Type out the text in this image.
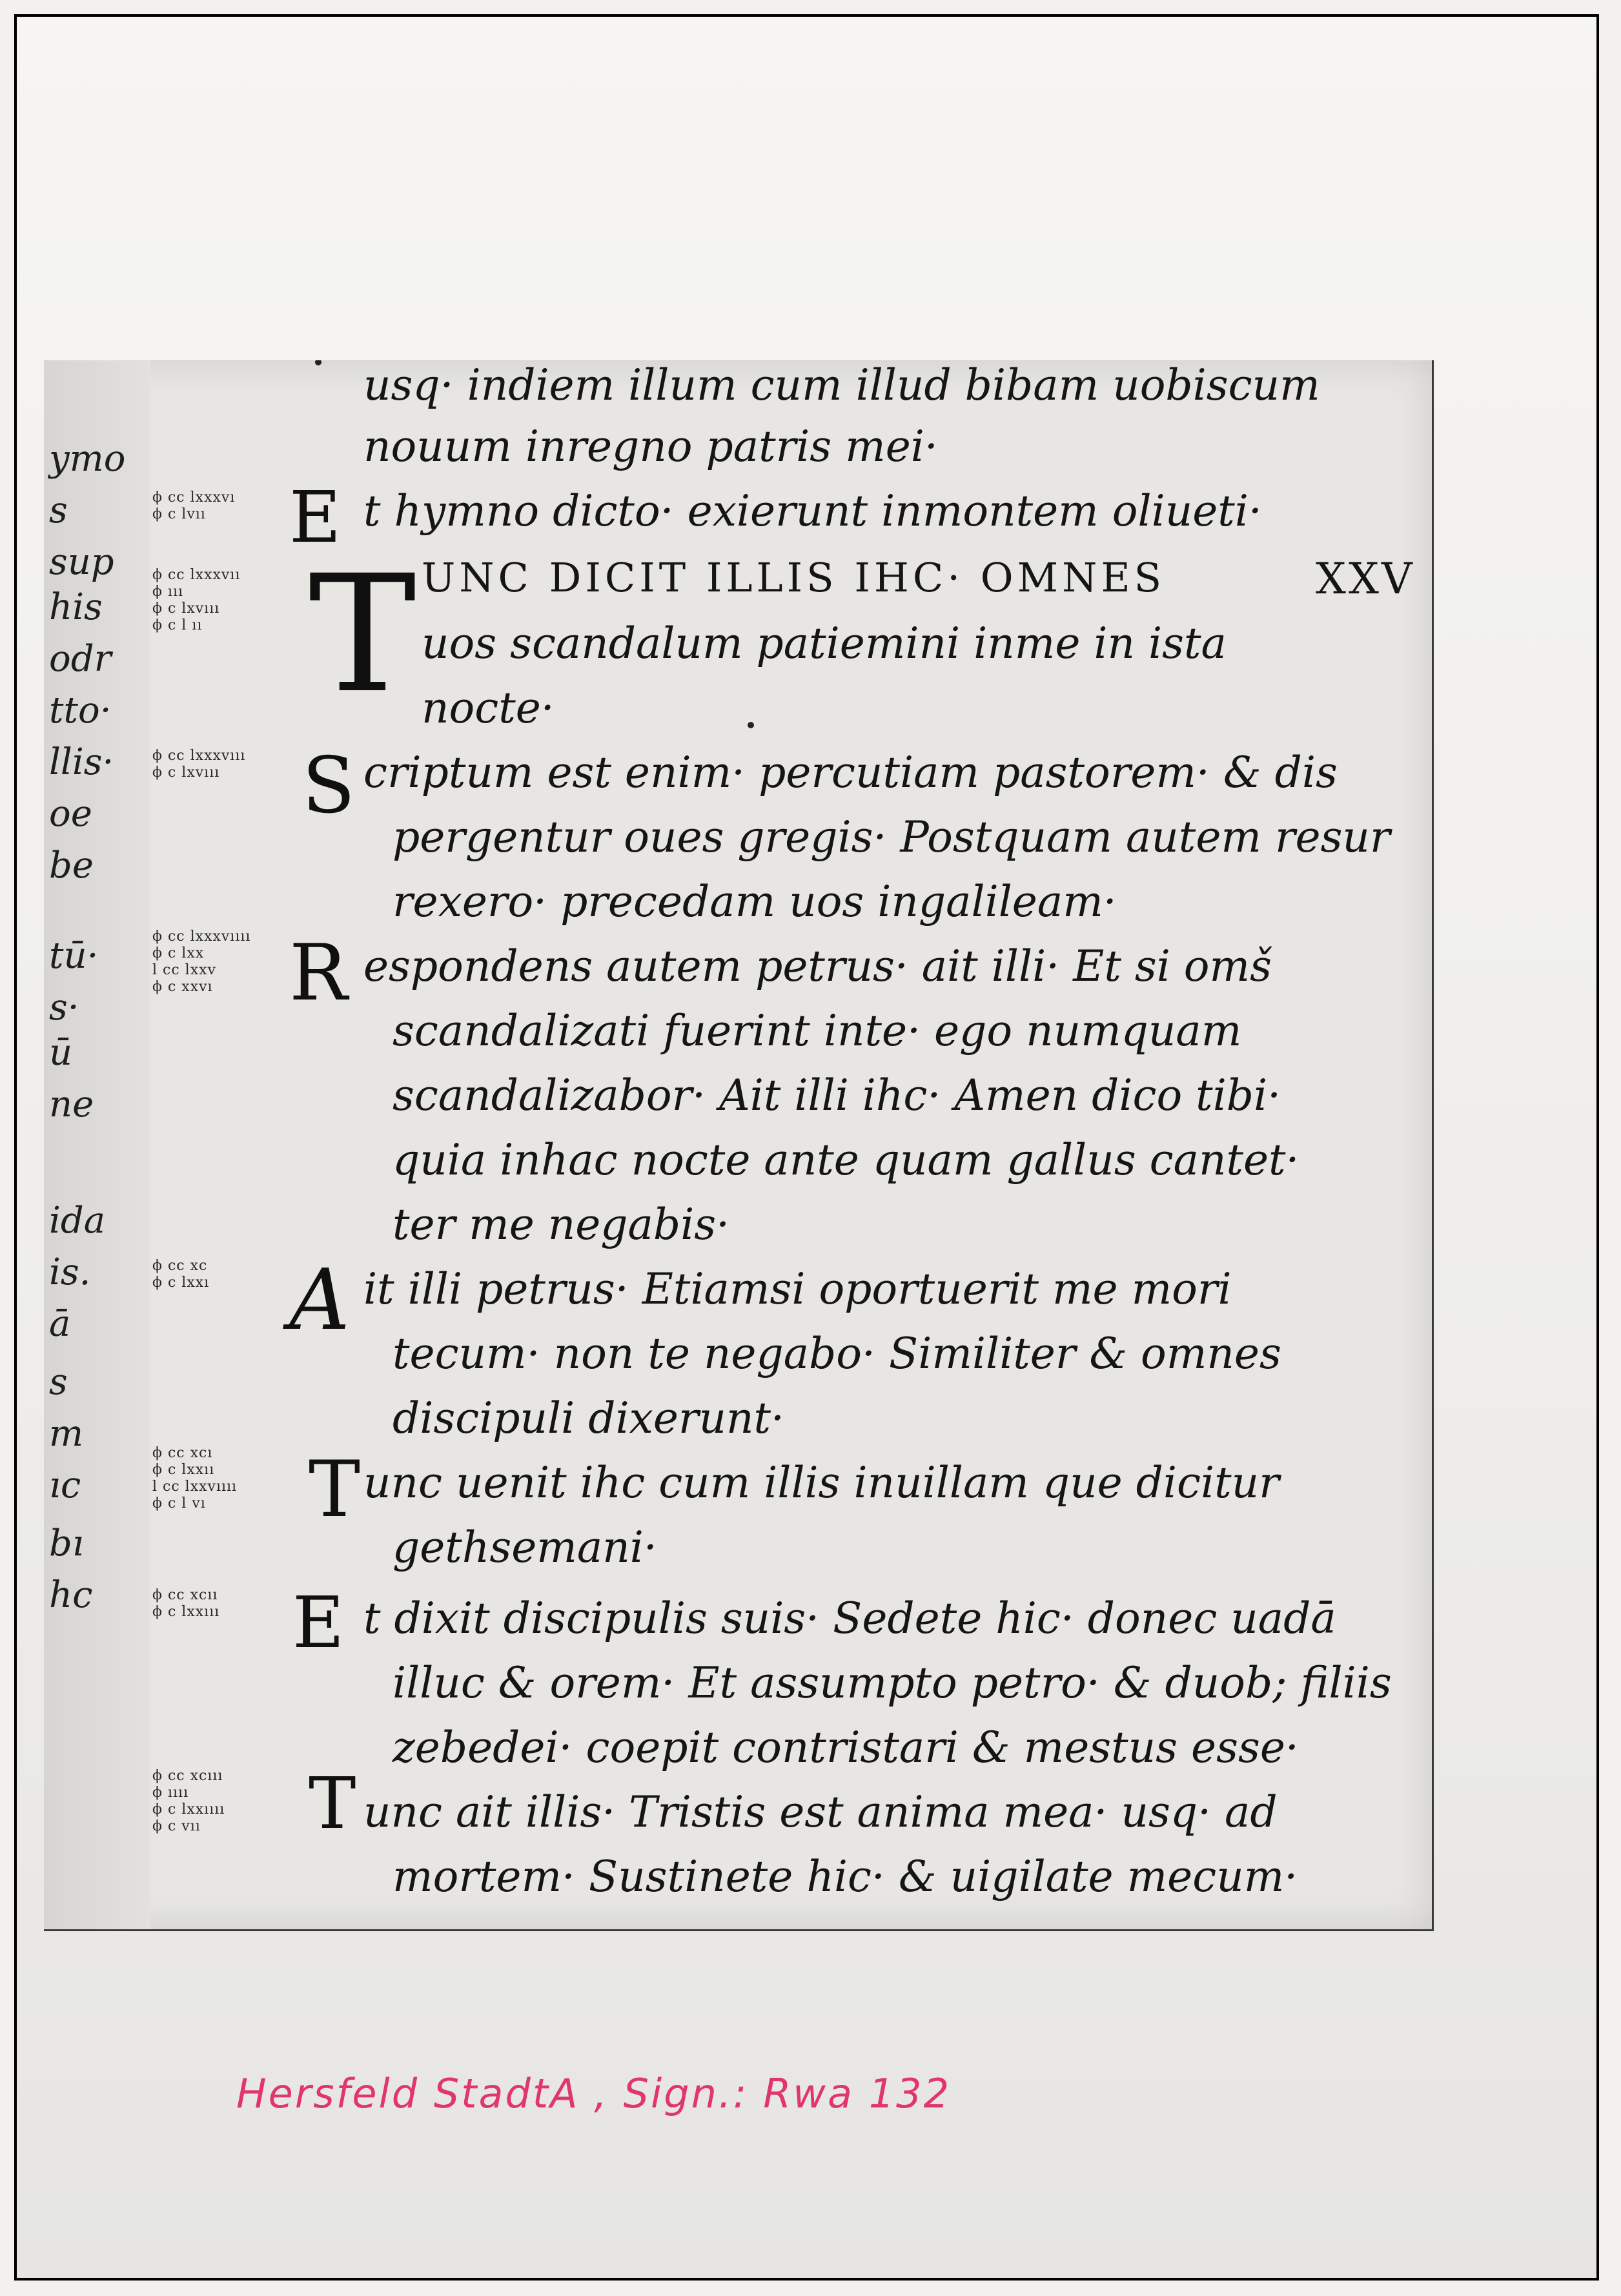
ymo
s
sup
his
odr
tto·
llis·
oe
be
tū·
s·
ū
ne
ida
is.
ā
s
m
ıc
bı
hc
ϕ cc lxxxvı
ϕ c lvıı
ϕ cc lxxxvıı
ϕ ııı
ϕ c lxvııı
ϕ c l ıı
ϕ cc lxxxvııı
ϕ c lxvııı
ϕ cc lxxxvıııı
ϕ c lxx
l cc lxxv
ϕ c xxvı
ϕ cc xc
ϕ c lxxı
ϕ cc xcı
ϕ c lxxıı
l cc lxxvıııı
ϕ c l vı
ϕ cc xcıı
ϕ c lxxııı
ϕ cc xcııı
ϕ ıııı
ϕ c lxxıııı
ϕ c vıı
E
T
S
R
A
T
E
T
usq· indiem illum cum illud bibam uobiscum
nouum inregno patris mei·
t hymno dicto· exierunt inmontem oliueti·
UNC DICIT ILLIS IHC· OMNES	XXV
uos scandalum patiemini inme in ista
nocte·
criptum est enim· percutiam pastorem· & dis
pergentur oues gregis· Postquam autem resur
rexero· precedam uos ingalileam·
espondens autem petrus· ait illi· Et si omš
scandalizati fuerint inte· ego numquam
scandalizabor· Ait illi ihc· Amen dico tibi·
quia inhac nocte ante quam gallus cantet·
ter me negabis·
it illi petrus· Etiamsi oportuerit me mori
tecum· non te negabo· Similiter & omnes
discipuli dixerunt·
unc uenit ihc cum illis inuillam que dicitur
gethsemani·
t dixit discipulis suis· Sedete hic· donec uadā
illuc & orem· Et assumpto petro· & duob; filiis
zebedei· coepit contristari & mestus esse·
unc ait illis· Tristis est anima mea· usq· ad
mortem· Sustinete hic· & uigilate mecum·
Hersfeld StadtA , Sign.: Rwa 132
